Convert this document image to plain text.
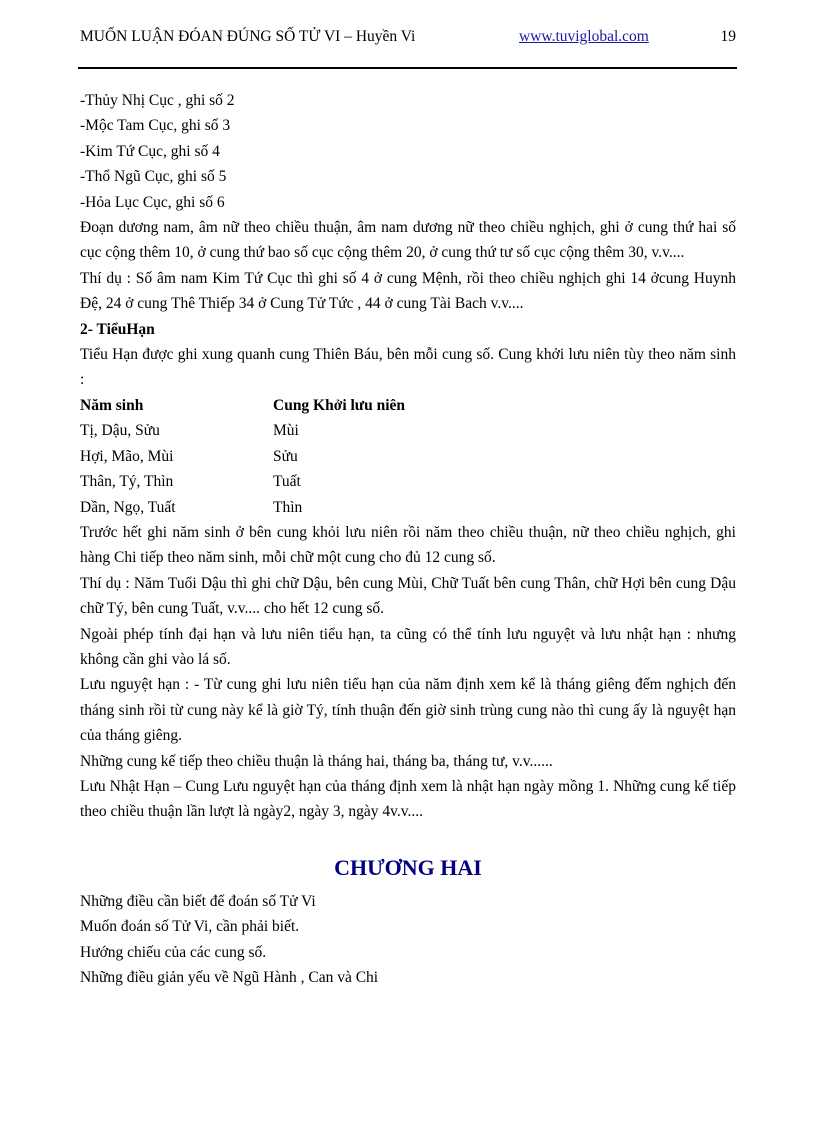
MUỐN LUẬN ĐÓAN ĐÚNG SỐ TỬ VI – Huyền Vi	www.tuviglobal.com	19

-Thủy Nhị Cục , ghi số 2

-Mộc Tam Cục, ghi số 3

-Kim Tứ Cục, ghi số 4

-Thổ Ngũ Cục, ghi số 5

-Hỏa Lục Cục, ghi số 6

Đoạn dương nam, âm nữ theo chiều thuận, âm nam dương nữ theo chiều nghịch, ghi ở cung thứ hai số cục cộng thêm 10, ở cung thứ bao số cục cộng thêm 20, ở cung thứ tư số cục cộng thêm 30, v.v....

Thí dụ : Số âm nam Kim Tứ Cục thì ghi số 4 ở cung Mệnh, rồi theo chiều nghịch ghi 14 ởcung Huynh Đệ, 24 ở cung Thê Thiếp 34 ở Cung Tử Tức , 44 ở cung Tài Bach v.v....

2- TiểuHạn

Tiểu Hạn được ghi xung quanh cung Thiên Báu, bên mỗi cung số. Cung khởi lưu niên tùy theo năm sinh :

Năm sinh	Cung Khởi lưu niên
Tị, Dậu, Sửu	Mùi
Hợi, Mão, Mùi	Sửu
Thân, Tý, Thìn	Tuất
Dần, Ngọ, Tuất	Thìn

Trước hết ghi năm sinh ở bên cung khỏi lưu niên rồi năm theo chiều thuận, nữ theo chiều nghịch, ghi hàng Chi tiếp theo năm sinh, mỗi chữ một cung cho đủ 12 cung số.

Thí dụ : Năm Tuổi Dậu thì ghi chữ Dậu, bên cung Mùi, Chữ Tuất bên cung Thân, chữ Hợi bên cung Dậu chữ Tý, bên cung Tuất, v.v.... cho hết 12 cung số.

Ngoài phép tính đại hạn và lưu niên tiểu hạn, ta cũng có thể tính lưu nguyệt và lưu nhật hạn : nhưng không cần ghi vào lá số.

Lưu nguyệt hạn : - Từ cung ghi lưu niên tiểu hạn của năm định xem kể là tháng giêng đếm nghịch đến tháng sinh rồi từ cung này kể là giờ Tý, tính thuận đến giờ sinh trùng cung nào thì cung ấy là nguyệt hạn của tháng giêng.

Những cung kế tiếp theo chiều thuận là tháng hai, tháng ba, tháng tư, v.v......

Lưu Nhật Hạn – Cung Lưu nguyệt hạn của tháng định xem là nhật hạn ngày mồng 1. Những cung kế tiếp theo chiều thuận lần lượt là ngày2, ngày 3, ngày 4v.v....

CHƯƠNG HAI

Những điều cần biết để đoán số Tử Vi

Muốn đoán số Tử Vi, cần phải biết.

Hướng chiếu của các cung số.

Những điều giản yếu về Ngũ Hành , Can và Chi
